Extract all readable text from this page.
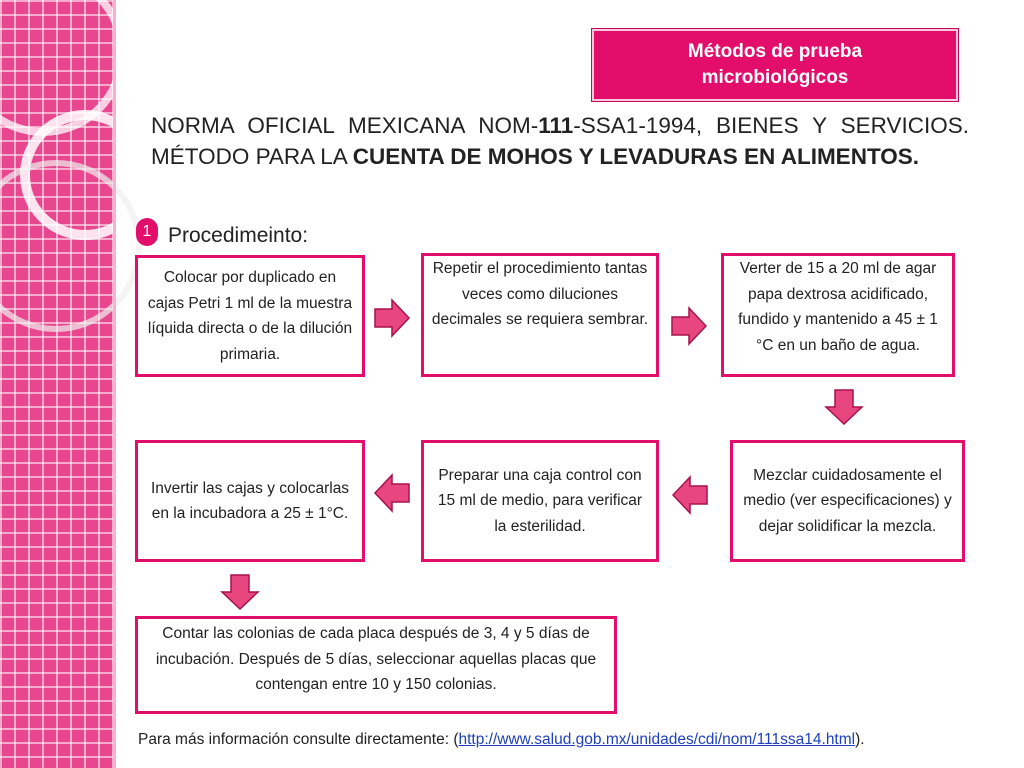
Métodos de prueba microbiológicos
NORMA OFICIAL MEXICANA NOM-111-SSA1-1994, BIENES Y SERVICIOS. MÉTODO PARA LA CUENTA DE MOHOS Y LEVADURAS EN ALIMENTOS.
1 Procedimeinto:
Colocar por duplicado en cajas Petri 1 ml de la muestra líquida directa o de la dilución primaria.
Repetir el procedimiento tantas veces como diluciones decimales se requiera sembrar.
Verter de 15 a 20 ml de agar papa dextrosa acidificado, fundido y mantenido a 45 ± 1 °C en un baño de agua.
Mezclar cuidadosamente el medio (ver especificaciones) y dejar solidificar la mezcla.
Preparar una caja control con 15 ml de medio, para verificar la esterilidad.
Invertir las cajas y colocarlas en la incubadora a 25 ± 1°C.
Contar las colonias de cada placa después de 3, 4 y 5 días de incubación. Después de 5 días, seleccionar aquellas placas que contengan entre 10 y 150 colonias.
Para más información consulte directamente: (http://www.salud.gob.mx/unidades/cdi/nom/111ssa14.html).
